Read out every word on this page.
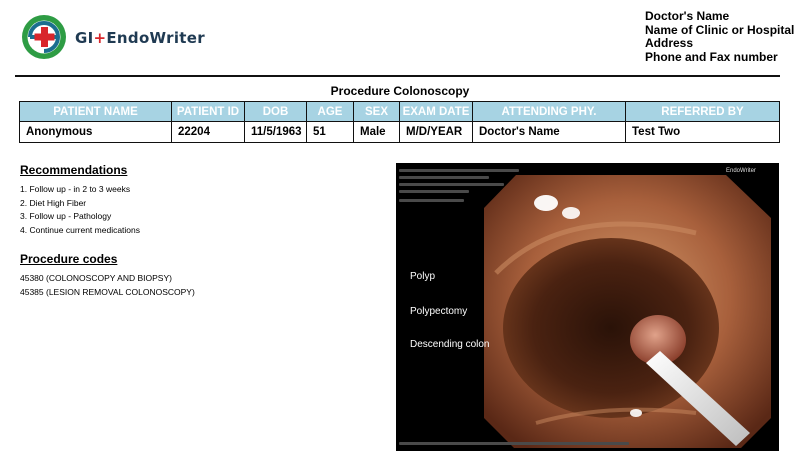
GI+EndoWriter
Doctor's Name
Name of Clinic or Hospital
Address
Phone and Fax number
Procedure Colonoscopy
PATIENT NAME	PATIENT ID	DOB	AGE	SEX	EXAM DATE	ATTENDING PHY.	REFERRED BY
Anonymous	22204	11/5/1963	51	Male	M/D/YEAR	Doctor's Name	Test Two
Recommendations
1. Follow up - in 2 to 3 weeks
2. Diet High Fiber
3. Follow up - Pathology
4. Continue current medications
Procedure codes
45380 (COLONOSCOPY AND BIOPSY)
45385 (LESION REMOVAL COLONOSCOPY)
EndoWriter
Polyp
Polypectomy
Descending colon
